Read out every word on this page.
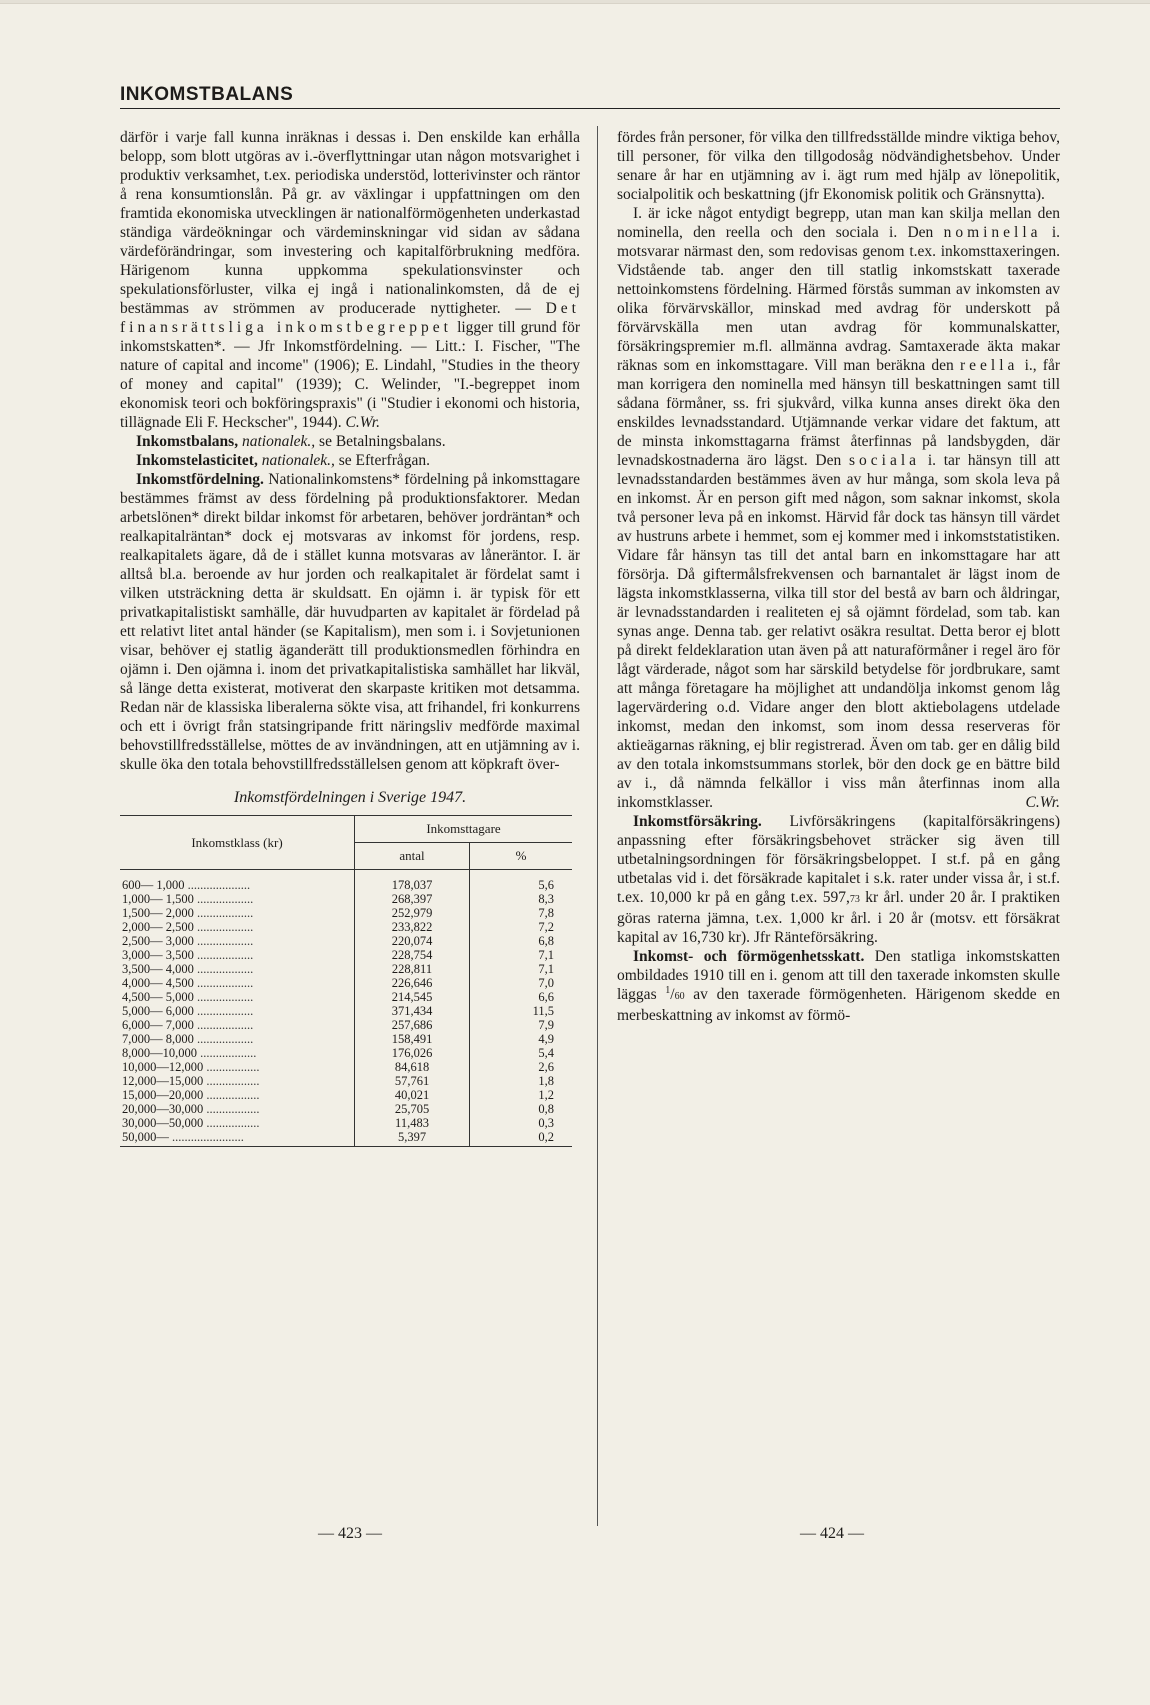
INKOMSTBALANS

därför i varje fall kunna inräknas i dessas i. Den enskilde kan erhålla belopp, som blott utgöras av i.-överflyttningar utan någon motsvarighet i produktiv verksamhet, t.ex. periodiska understöd, lotterivinster och räntor å rena konsumtionslån. På gr. av växlingar i uppfattningen om den framtida ekonomiska utvecklingen är nationalförmögenheten underkastad ständiga värdeökningar och värdeminskningar vid sidan av sådana värdeförändringar, som investering och kapitalförbrukning medföra. Härigenom kunna uppkomma spekulationsvinster och spekulationsförluster, vilka ej ingå i nationalinkomsten, då de ej bestämmas av strömmen av producerade nyttigheter. — Det finansrättsliga inkomstbegreppet ligger till grund för inkomstskatten*. — Jfr Inkomstfördelning. — Litt.: I. Fischer, "The nature of capital and income" (1906); E. Lindahl, "Studies in the theory of money and capital" (1939); C. Welinder, "I.-begreppet inom ekonomisk teori och bokföringspraxis" (i "Studier i ekonomi och historia, tillägnade Eli F. Heckscher", 1944). C.Wr.

Inkomstbalans, nationalek., se Betalningsbalans.

Inkomstelasticitet, nationalek., se Efterfrågan.

Inkomstfördelning. Nationalinkomstens* fördelning på inkomsttagare bestämmes främst av dess fördelning på produktionsfaktorer. Medan arbetslönen* direkt bildar inkomst för arbetaren, behöver jordräntan* och realkapitalräntan* dock ej motsvaras av inkomst för jordens, resp. realkapitalets ägare, då de i stället kunna motsvaras av låneräntor. I. är alltså bl.a. beroende av hur jorden och realkapitalet är fördelat samt i vilken utsträckning detta är skuldsatt. En ojämn i. är typisk för ett privatkapitalistiskt samhälle, där huvudparten av kapitalet är fördelad på ett relativt litet antal händer (se Kapitalism), men som i. i Sovjetunionen visar, behöver ej statlig äganderätt till produktionsmedlen förhindra en ojämn i. Den ojämna i. inom det privatkapitalistiska samhället har likväl, så länge detta existerat, motiverat den skarpaste kritiken mot detsamma. Redan när de klassiska liberalerna sökte visa, att frihandel, fri konkurrens och ett i övrigt från statsingripande fritt näringsliv medförde maximal behovstillfredsställelse, möttes de av invändningen, att en utjämning av i. skulle öka den totala behovstillfredsställelsen genom att köpkraft över-

Inkomstfördelningen i Sverige 1947.
Inkomstklass (kr)	Inkomsttagare	
	antal	%
600— 1,000 ....................	178,037	5,6
1,000— 1,500 ..................	268,397	8,3
1,500— 2,000 ..................	252,979	7,8
2,000— 2,500 ..................	233,822	7,2
2,500— 3,000 ..................	220,074	6,8
3,000— 3,500 ..................	228,754	7,1
3,500— 4,000 ..................	228,811	7,1
4,000— 4,500 ..................	226,646	7,0
4,500— 5,000 ..................	214,545	6,6
5,000— 6,000 ..................	371,434	11,5
6,000— 7,000 ..................	257,686	7,9
7,000— 8,000 ..................	158,491	4,9
8,000—10,000 ..................	176,026	5,4
10,000—12,000 .................	84,618	2,6
12,000—15,000 .................	57,761	1,8
15,000—20,000 .................	40,021	1,2
20,000—30,000 .................	25,705	0,8
30,000—50,000 .................	11,483	0,3
50,000— .......................	5,397	0,2

fördes från personer, för vilka den tillfredsställde mindre viktiga behov, till personer, för vilka den tillgodosåg nödvändighetsbehov. Under senare år har en utjämning av i. ägt rum med hjälp av lönepolitik, socialpolitik och beskattning (jfr Ekonomisk politik och Gränsnytta).

I. är icke något entydigt begrepp, utan man kan skilja mellan den nominella, den reella och den sociala i. Den nominella i. motsvarar närmast den, som redovisas genom t.ex. inkomsttaxeringen. Vidstående tab. anger den till statlig inkomstskatt taxerade nettoinkomstens fördelning. Härmed förstås summan av inkomsten av olika förvärvskällor, minskad med avdrag för underskott på förvärvskälla men utan avdrag för kommunalskatter, försäkringspremier m.fl. allmänna avdrag. Samtaxerade äkta makar räknas som en inkomsttagare. Vill man beräkna den reella i., får man korrigera den nominella med hänsyn till beskattningen samt till sådana förmåner, ss. fri sjukvård, vilka kunna anses direkt öka den enskildes levnadsstandard. Utjämnande verkar vidare det faktum, att de minsta inkomsttagarna främst återfinnas på landsbygden, där levnadskostnaderna äro lägst. Den sociala i. tar hänsyn till att levnadsstandarden bestämmes även av hur många, som skola leva på en inkomst. Är en person gift med någon, som saknar inkomst, skola två personer leva på en inkomst. Härvid får dock tas hänsyn till värdet av hustruns arbete i hemmet, som ej kommer med i inkomststatistiken. Vidare får hänsyn tas till det antal barn en inkomsttagare har att försörja. Då giftermålsfrekvensen och barnantalet är lägst inom de lägsta inkomstklasserna, vilka till stor del bestå av barn och åldringar, är levnadsstandarden i realiteten ej så ojämnt fördelad, som tab. kan synas ange. Denna tab. ger relativt osäkra resultat. Detta beror ej blott på direkt feldeklaration utan även på att naturaförmåner i regel äro för lågt värderade, något som har särskild betydelse för jordbrukare, samt att många företagare ha möjlighet att undandölja inkomst genom låg lagervärdering o.d. Vidare anger den blott aktiebolagens utdelade inkomst, medan den inkomst, som inom dessa reserveras för aktieägarnas räkning, ej blir registrerad. Även om tab. ger en dålig bild av den totala inkomstsummans storlek, bör den dock ge en bättre bild av i., då nämnda felkällor i viss mån återfinnas inom alla inkomstklasser.	C.Wr.

Inkomstförsäkring. Livförsäkringens (kapitalförsäkringens) anpassning efter försäkringsbehovet sträcker sig även till utbetalningsordningen för försäkringsbeloppet. I st.f. på en gång utbetalas vid i. det försäkrade kapitalet i s.k. rater under vissa år, i st.f. t.ex. 10,000 kr på en gång t.ex. 597,73 kr årl. under 20 år. I praktiken göras raterna jämna, t.ex. 1,000 kr årl. i 20 år (motsv. ett försäkrat kapital av 16,730 kr). Jfr Ränteförsäkring.

Inkomst- och förmögenhetsskatt. Den statliga inkomstskatten ombildades 1910 till en i. genom att till den taxerade inkomsten skulle läggas $^1$/60 av den taxerade förmögenheten. Härigenom skedde en merbeskattning av inkomst av förmö-

— 423 —	— 424 —
